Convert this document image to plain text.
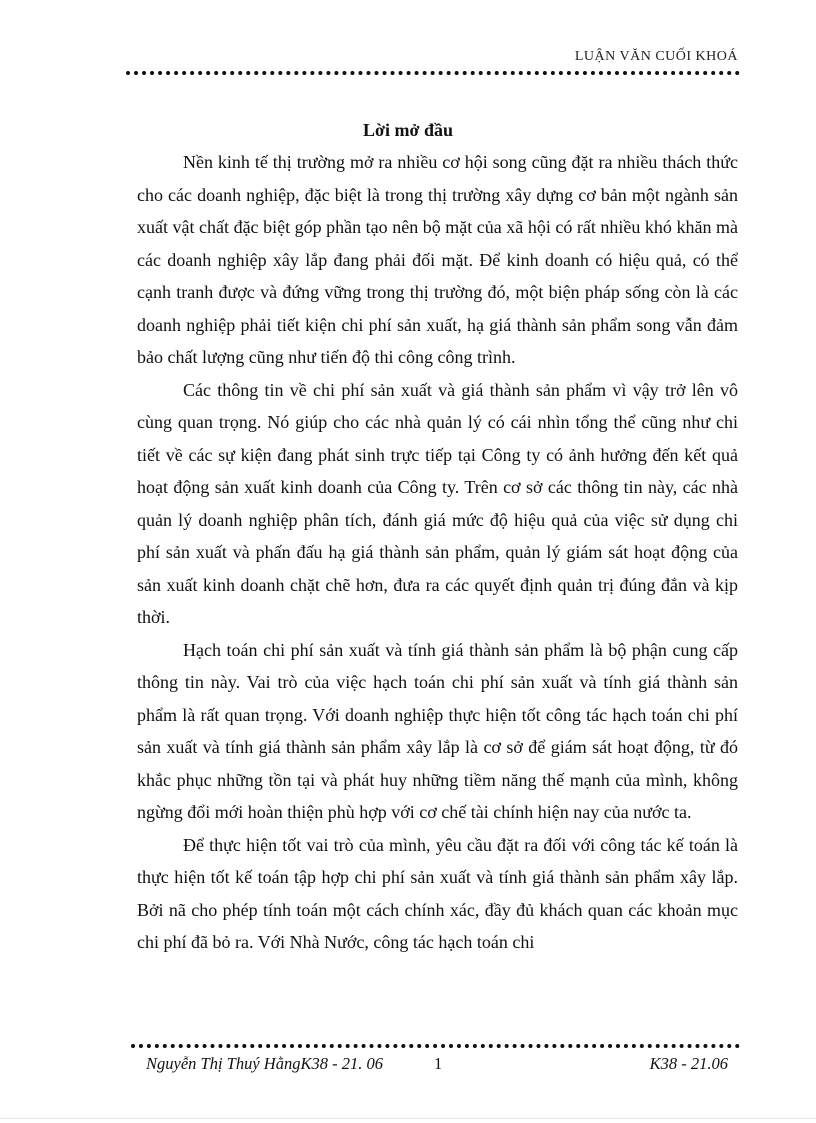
LUẬN VĂN CUỐI KHOÁ
Lời mở đầu

Nền kinh tế thị trường mở ra nhiều cơ hội song cũng đặt ra nhiều thách thức cho các doanh nghiệp, đặc biệt là trong thị trường xây dựng cơ bản một ngành sản xuất vật chất đặc biệt góp phần tạo nên bộ mặt của xã hội có rất nhiều khó khăn mà các doanh nghiệp xây lắp đang phải đối mặt. Để kinh doanh có hiệu quả, có thể cạnh tranh được và đứng vững trong thị trường đó, một biện pháp sống còn là các doanh nghiệp phải tiết kiện chi phí sản xuất, hạ giá thành sản phẩm song vẫn đảm bảo chất lượng cũng như tiến độ thi công công trình.

Các thông tin về chi phí sản xuất và giá thành sản phẩm vì vậy trở lên vô cùng quan trọng. Nó giúp cho các nhà quản lý có cái nhìn tổng thể cũng như chi tiết về các sự kiện đang phát sinh trực tiếp tại Công ty có ảnh hưởng đến kết quả hoạt động sản xuất kinh doanh của Công ty. Trên cơ sở các thông tin này, các nhà quản lý doanh nghiệp phân tích, đánh giá mức độ hiệu quả của việc sử dụng chi phí sản xuất và phấn đấu hạ giá thành sản phẩm, quản lý giám sát hoạt động của sản xuất kinh doanh chặt chẽ hơn, đưa ra các quyết định quản trị đúng đắn và kịp thời.

Hạch toán chi phí sản xuất và tính giá thành sản phẩm là bộ phận cung cấp thông tin này. Vai trò của việc hạch toán chi phí sản xuất và tính giá thành sản phẩm là rất quan trọng. Với doanh nghiệp thực hiện tốt công tác hạch toán chi phí sản xuất và tính giá thành sản phẩm xây lắp là cơ sở để giám sát hoạt động, từ đó khắc phục những tồn tại và phát huy những tiềm năng thế mạnh của mình, không ngừng đổi mới hoàn thiện phù hợp với cơ chế tài chính hiện nay của nước ta.

Để thực hiện tốt vai trò của mình, yêu cầu đặt ra đối với công tác kế toán là thực hiện tốt kế toán tập hợp chi phí sản xuất và tính giá thành sản phẩm xây lắp. Bởi nã cho phép tính toán một cách chính xác, đầy đủ khách quan các khoản mục chi phí đã bỏ ra. Với Nhà Nước, công tác hạch toán chi

Nguyễn Thị Thuý HằngK38 - 21. 06	1	K38 - 21.06
